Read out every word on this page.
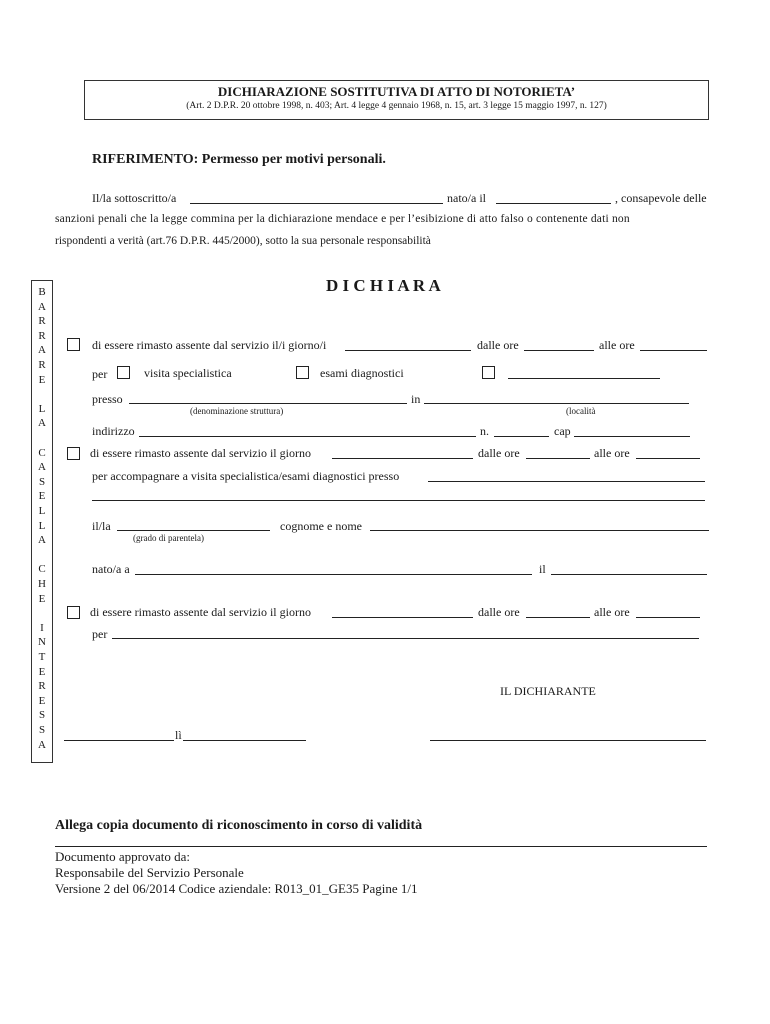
DICHIARAZIONE SOSTITUTIVA DI ATTO DI NOTORIETA’
(Art. 2 D.P.R. 20 ottobre 1998, n. 403; Art. 4 legge 4 gennaio 1968, n. 15, art. 3 legge 15 maggio 1997, n. 127)
RIFERIMENTO: Permesso per motivi personali.
Il/la sottoscritto/a	nato/a il	, consapevole delle
sanzioni penali che la legge commina per la dichiarazione mendace e per l’esibizione di atto falso o contenente dati non
rispondenti a verità (art.76 D.P.R. 445/2000), sotto la sua personale responsabilità
D I C H I A R A
B
A
R
R
A
R
E
L
A
C
A
S
E
L
L
A
C
H
E
I
N
T
E
R
E
S
S
A
di essere rimasto assente dal servizio il/i giorno/i	dalle ore	alle ore
per	visita specialistica	esami diagnostici
presso	in
(denominazione struttura)	(località
indirizzo	n.	cap
di essere rimasto assente dal servizio il giorno	dalle ore	alle ore
per accompagnare a visita specialistica/esami diagnostici presso
il/la	cognome e nome
(grado di parentela)
nato/a a	il
di essere rimasto assente dal servizio il giorno	dalle ore	alle ore
per
IL DICHIARANTE
lì
Allega copia documento di riconoscimento in corso di validità
Documento approvato da:
Responsabile del Servizio Personale
Versione 2 del 06/2014 Codice aziendale: R013_01_GE35 Pagine 1/1
